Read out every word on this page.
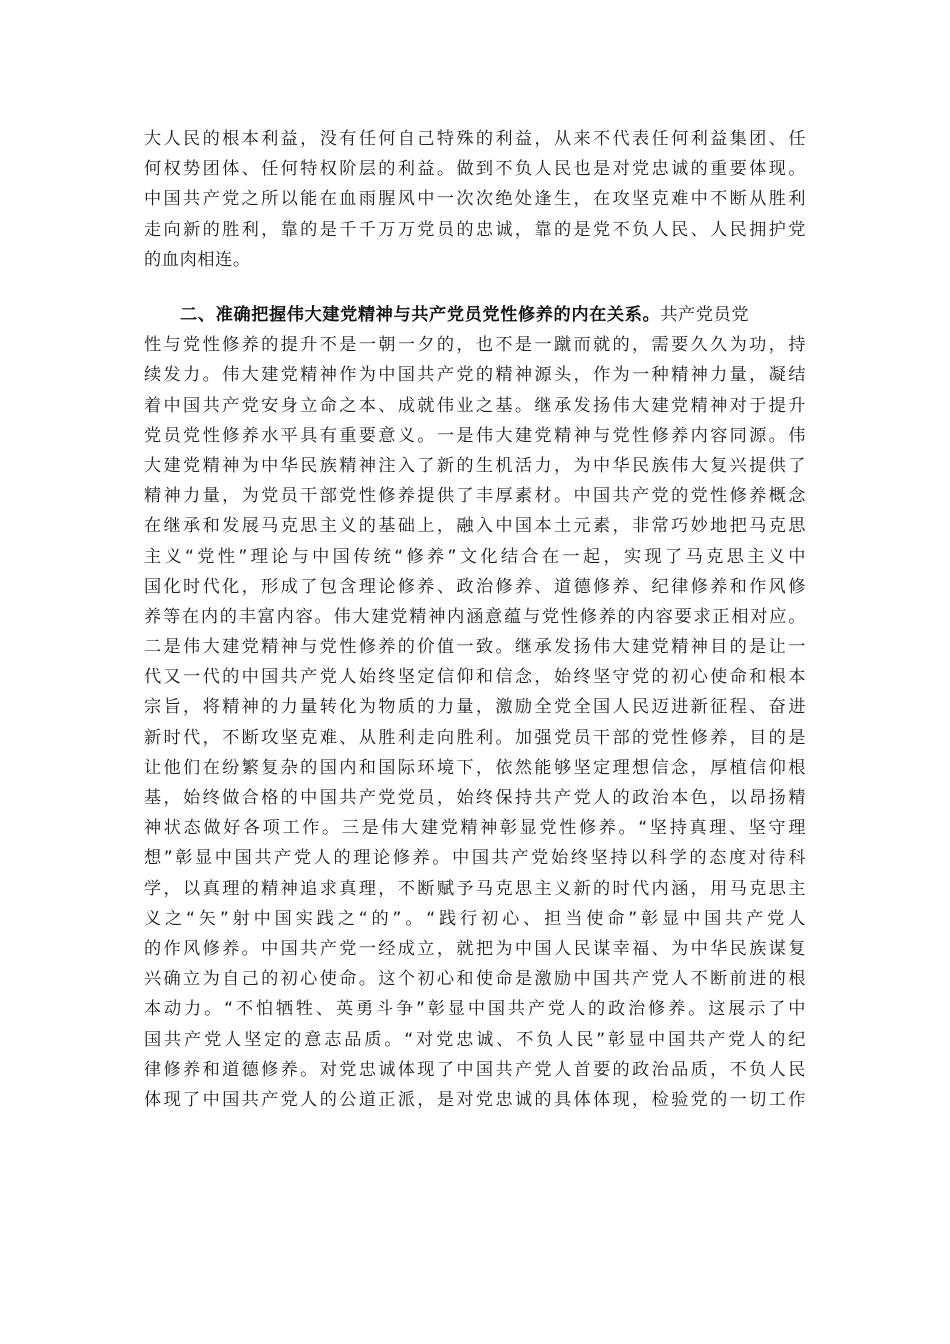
大人民的根本利益，没有任何自己特殊的利益，从来不代表任何利益集团、任
何权势团体、任何特权阶层的利益。做到不负人民也是对党忠诚的重要体现。
中国共产党之所以能在血雨腥风中一次次绝处逢生，在攻坚克难中不断从胜利
走向新的胜利，靠的是千千万万党员的忠诚，靠的是党不负人民、人民拥护党
的血肉相连。
二、准确把握伟大建党精神与共产党员党性修养的内在关系。共产党员党
性与党性修养的提升不是一朝一夕的，也不是一蹴而就的，需要久久为功，持
续发力。伟大建党精神作为中国共产党的精神源头，作为一种精神力量，凝结
着中国共产党安身立命之本、成就伟业之基。继承发扬伟大建党精神对于提升
党员党性修养水平具有重要意义。一是伟大建党精神与党性修养内容同源。伟
大建党精神为中华民族精神注入了新的生机活力，为中华民族伟大复兴提供了
精神力量，为党员干部党性修养提供了丰厚素材。中国共产党的党性修养概念
在继承和发展马克思主义的基础上，融入中国本土元素，非常巧妙地把马克思
主义“党性”理论与中国传统“修养”文化结合在一起，实现了马克思主义中
国化时代化，形成了包含理论修养、政治修养、道德修养、纪律修养和作风修
养等在内的丰富内容。伟大建党精神内涵意蕴与党性修养的内容要求正相对应。
二是伟大建党精神与党性修养的价值一致。继承发扬伟大建党精神目的是让一
代又一代的中国共产党人始终坚定信仰和信念，始终坚守党的初心使命和根本
宗旨，将精神的力量转化为物质的力量，激励全党全国人民迈进新征程、奋进
新时代，不断攻坚克难、从胜利走向胜利。加强党员干部的党性修养，目的是
让他们在纷繁复杂的国内和国际环境下，依然能够坚定理想信念，厚植信仰根
基，始终做合格的中国共产党党员，始终保持共产党人的政治本色，以昂扬精
神状态做好各项工作。三是伟大建党精神彰显党性修养。“坚持真理、坚守理
想”彰显中国共产党人的理论修养。中国共产党始终坚持以科学的态度对待科
学，以真理的精神追求真理，不断赋予马克思主义新的时代内涵，用马克思主
义之“矢”射中国实践之“的”。“践行初心、担当使命”彰显中国共产党人
的作风修养。中国共产党一经成立，就把为中国人民谋幸福、为中华民族谋复
兴确立为自己的初心使命。这个初心和使命是激励中国共产党人不断前进的根
本动力。“不怕牺牲、英勇斗争”彰显中国共产党人的政治修养。这展示了中
国共产党人坚定的意志品质。“对党忠诚、不负人民”彰显中国共产党人的纪
律修养和道德修养。对党忠诚体现了中国共产党人首要的政治品质，不负人民
体现了中国共产党人的公道正派，是对党忠诚的具体体现，检验党的一切工作
